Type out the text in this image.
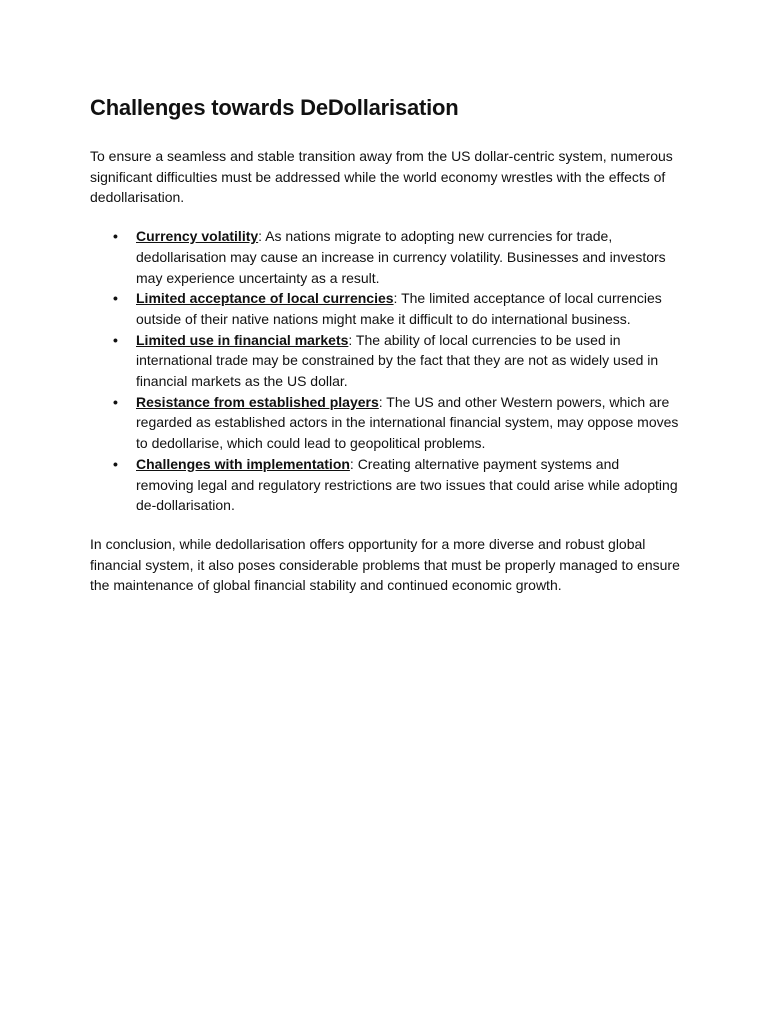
Challenges towards DeDollarisation

To ensure a seamless and stable transition away from the US dollar-centric system, numerous significant difficulties must be addressed while the world economy wrestles with the effects of dedollarisation.

• Currency volatility: As nations migrate to adopting new currencies for trade, dedollarisation may cause an increase in currency volatility. Businesses and investors may experience uncertainty as a result.
• Limited acceptance of local currencies: The limited acceptance of local currencies outside of their native nations might make it difficult to do international business.
• Limited use in financial markets: The ability of local currencies to be used in international trade may be constrained by the fact that they are not as widely used in financial markets as the US dollar.
• Resistance from established players: The US and other Western powers, which are regarded as established actors in the international financial system, may oppose moves to dedollarise, which could lead to geopolitical problems.
• Challenges with implementation: Creating alternative payment systems and removing legal and regulatory restrictions are two issues that could arise while adopting de-dollarisation.

In conclusion, while dedollarisation offers opportunity for a more diverse and robust global financial system, it also poses considerable problems that must be properly managed to ensure the maintenance of global financial stability and continued economic growth.
